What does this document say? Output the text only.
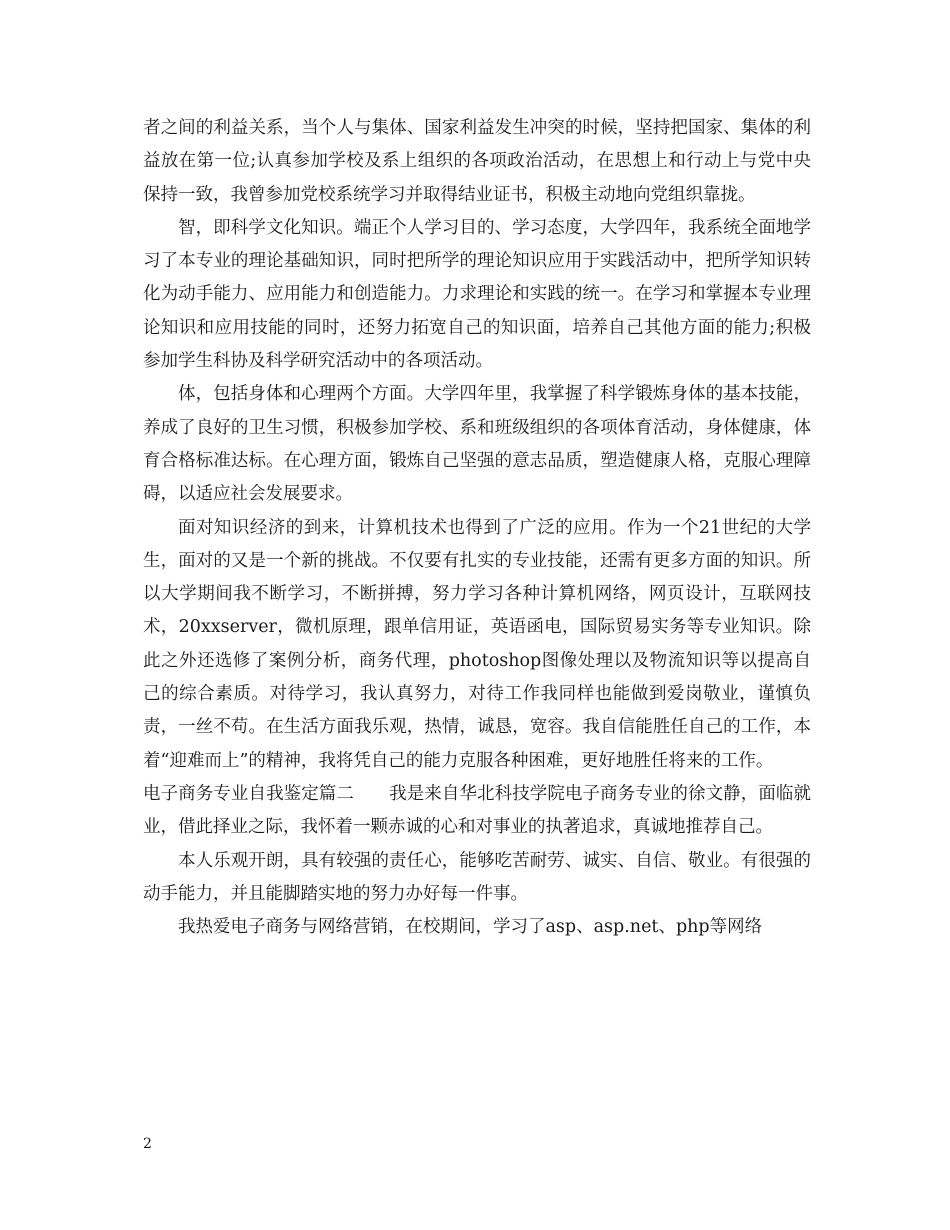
者之间的利益关系，当个人与集体、国家利益发生冲突的时候，坚持把国家、集体的利益放在第一位;认真参加学校及系上组织的各项政治活动，在思想上和行动上与党中央保持一致，我曾参加党校系统学习并取得结业证书，积极主动地向党组织靠拢。

智，即科学文化知识。端正个人学习目的、学习态度，大学四年，我系统全面地学习了本专业的理论基础知识，同时把所学的理论知识应用于实践活动中，把所学知识转化为动手能力、应用能力和创造能力。力求理论和实践的统一。在学习和掌握本专业理论知识和应用技能的同时，还努力拓宽自己的知识面，培养自己其他方面的能力;积极参加学生科协及科学研究活动中的各项活动。

体，包括身体和心理两个方面。大学四年里，我掌握了科学锻炼身体的基本技能，养成了良好的卫生习惯，积极参加学校、系和班级组织的各项体育活动，身体健康，体育合格标准达标。在心理方面，锻炼自己坚强的意志品质，塑造健康人格，克服心理障碍，以适应社会发展要求。

面对知识经济的到来，计算机技术也得到了广泛的应用。作为一个21世纪的大学生，面对的又是一个新的挑战。不仅要有扎实的专业技能，还需有更多方面的知识。所以大学期间我不断学习，不断拼搏，努力学习各种计算机网络，网页设计，互联网技术，20xxserver，微机原理，跟单信用证，英语函电，国际贸易实务等专业知识。除此之外还选修了案例分析，商务代理，photoshop图像处理以及物流知识等以提高自己的综合素质。对待学习，我认真努力，对待工作我同样也能做到爱岗敬业，谨慎负责，一丝不苟。在生活方面我乐观，热情，诚恳，宽容。我自信能胜任自己的工作，本着“迎难而上”的精神，我将凭自己的能力克服各种困难，更好地胜任将来的工作。

电子商务专业自我鉴定篇二　　我是来自华北科技学院电子商务专业的徐文静，面临就业，借此择业之际，我怀着一颗赤诚的心和对事业的执著追求，真诚地推荐自己。

本人乐观开朗，具有较强的责任心，能够吃苦耐劳、诚实、自信、敬业。有很强的动手能力，并且能脚踏实地的努力办好每一件事。

我热爱电子商务与网络营销，在校期间，学习了asp、asp.net、php等网络

2
